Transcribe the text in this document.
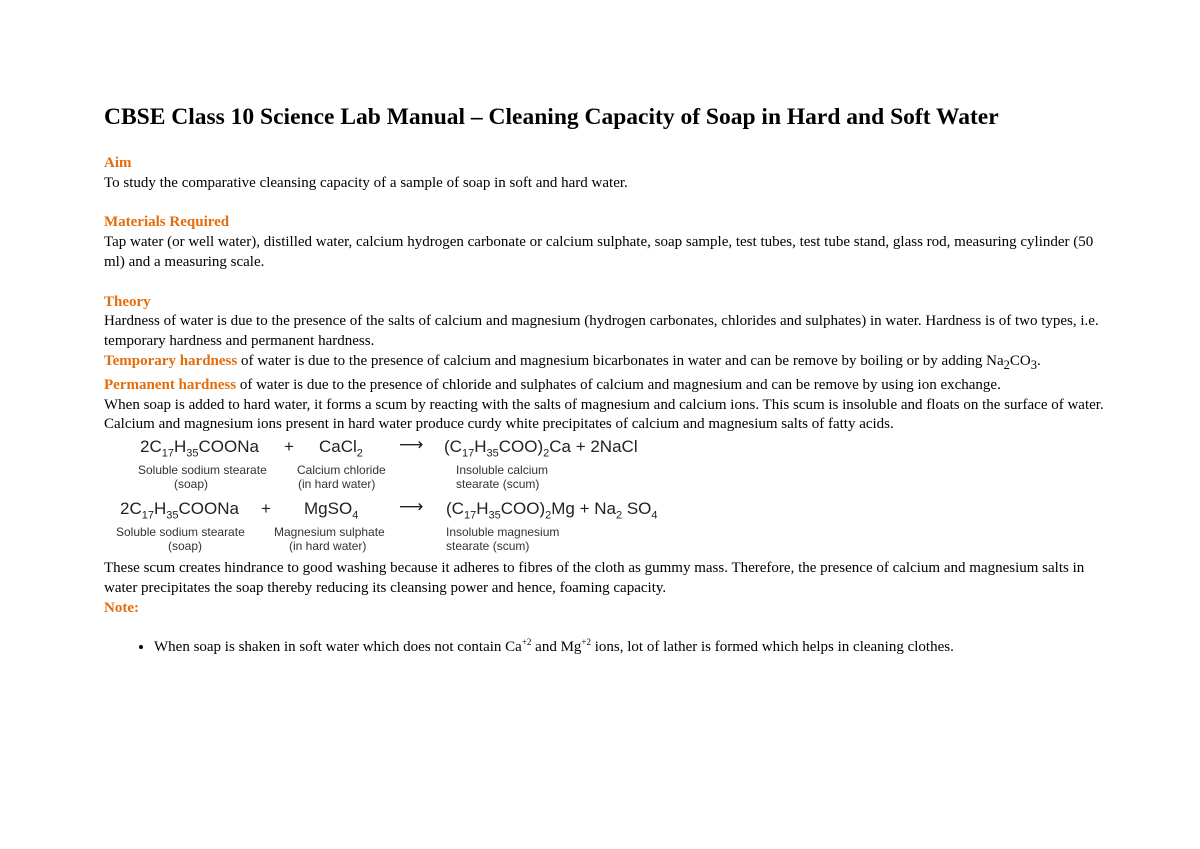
CBSE Class 10 Science Lab Manual – Cleaning Capacity of Soap in Hard and Soft Water
Aim
To study the comparative cleansing capacity of a sample of soap in soft and hard water.
Materials Required
Tap water (or well water), distilled water, calcium hydrogen carbonate or calcium sulphate, soap sample, test tubes, test tube stand, glass rod, measuring cylinder (50 ml) and a measuring scale.
Theory
Hardness of water is due to the presence of the salts of calcium and magnesium (hydrogen carbonates, chlorides and sulphates) in water. Hardness is of two types, i.e. temporary hardness and permanent hardness.
Temporary hardness of water is due to the presence of calcium and magnesium bicarbonates in water and can be remove by boiling or by adding $Na_2CO_3$.
Permanent hardness of water is due to the presence of chloride and sulphates of calcium and magnesium and can be remove by using ion exchange.
When soap is added to hard water, it forms a scum by reacting with the salts of magnesium and calcium ions. This scum is insoluble and floats on the surface of water. Calcium and magnesium ions present in hard water produce curdy white precipitates of calcium and magnesium salts of fatty acids.
$2C_{17}H_{35}COONa$ + CaCl$_2$ ⟶ $(C_{17}H_{35}COO)_2Ca$ + 2NaCl
Soluble sodium stearate
(soap)
Calcium chloride
(in hard water)
Insoluble calcium
stearate (scum)
$2C_{17}H_{35}COONa$ + MgSO$_4$ ⟶ $(C_{17}H_{35}COO)_2Mg + Na_2$ $SO_4$
Soluble sodium stearate
(soap)
Magnesium sulphate
(in hard water)
Insoluble magnesium
stearate (scum)
These scum creates hindrance to good washing because it adheres to fibres of the cloth as gummy mass. Therefore, the presence of calcium and magnesium salts in water precipitates the soap thereby reducing its cleansing power and hence, foaming capacity.
Note:
• When soap is shaken in soft water which does not contain $Ca^{+2}$ and $Mg^{+2}$ ions, lot of lather is formed which helps in cleaning clothes.
